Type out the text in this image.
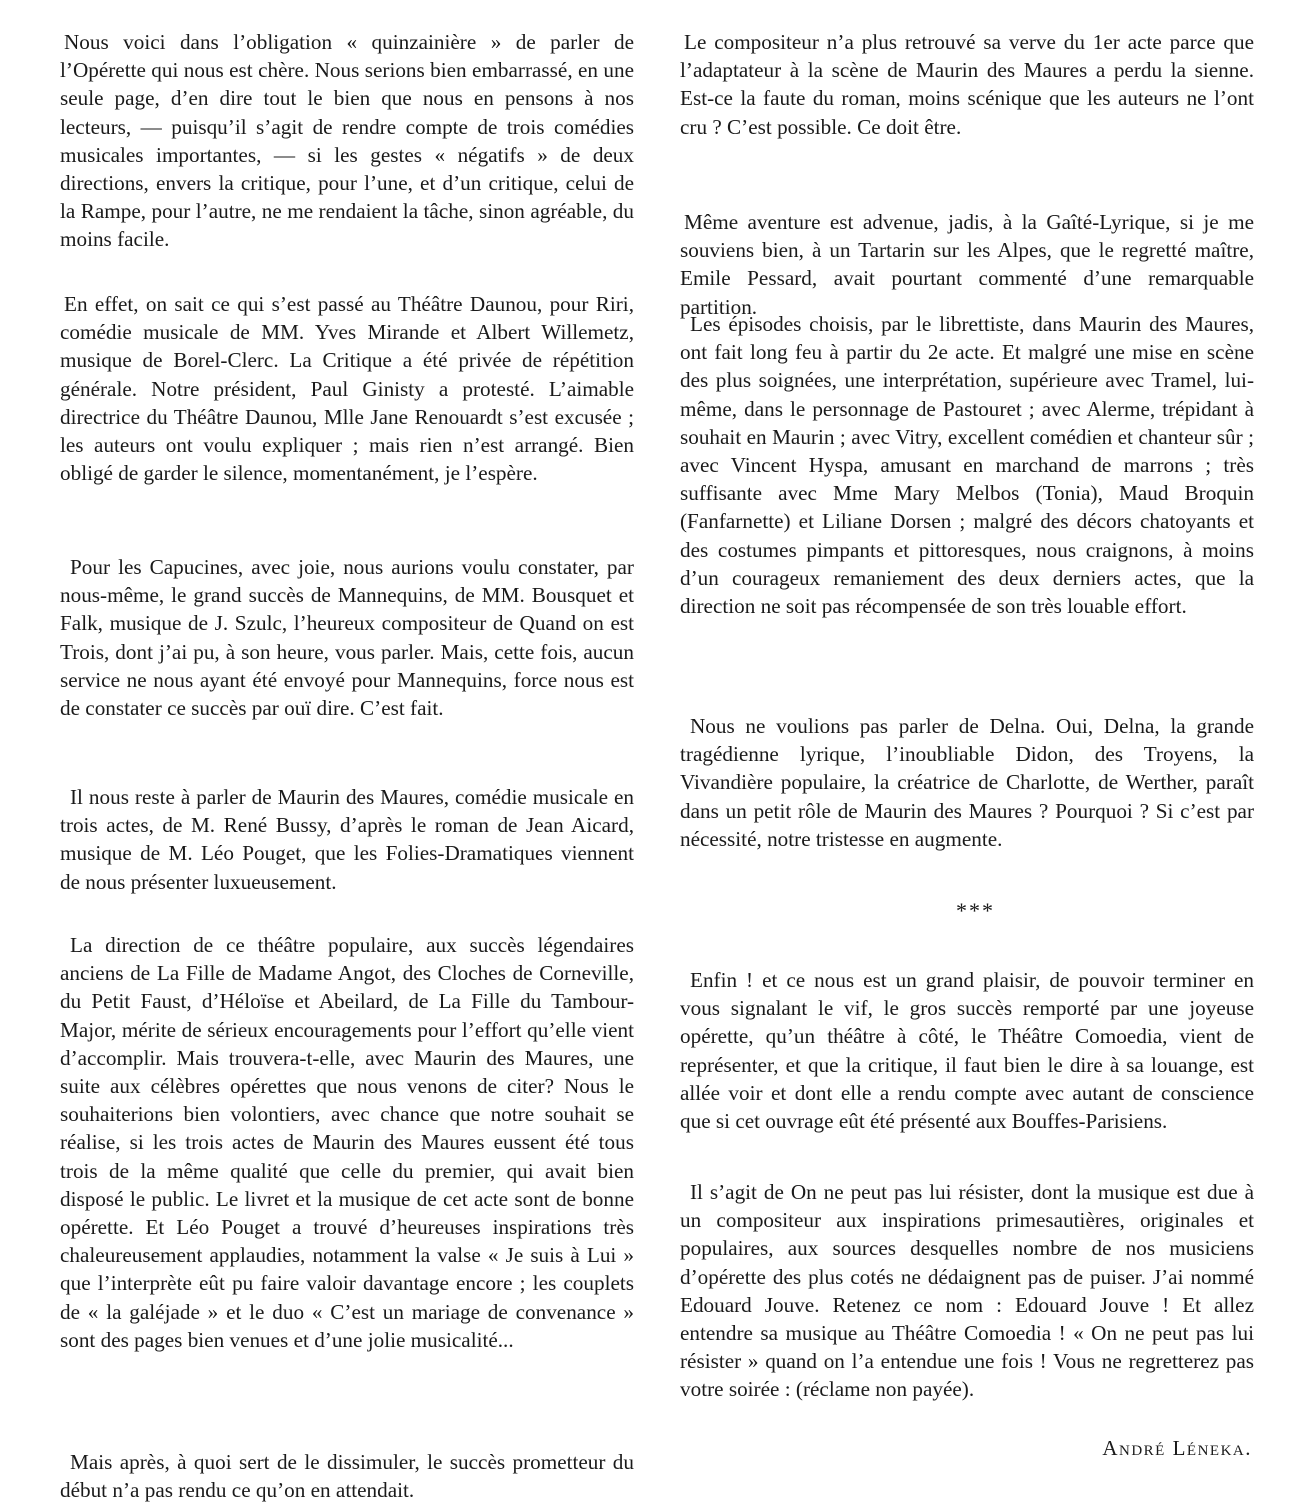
Nous voici dans l’obligation « quinzainière » de parler de l’Opérette qui nous est chère. Nous serions bien embarrassé, en une seule page, d’en dire tout le bien que nous en pensons à nos lecteurs, — puisqu’il s’agit de rendre compte de trois comédies musicales importantes, — si les gestes « négatifs » de deux directions, envers la critique, pour l’une, et d’un critique, celui de la Rampe, pour l’autre, ne me rendaient la tâche, sinon agréable, du moins facile.

En effet, on sait ce qui s’est passé au Théâtre Daunou, pour Riri, comédie musicale de MM. Yves Mirande et Albert Willemetz, musique de Borel-Clerc. La Critique a été privée de répétition générale. Notre président, Paul Ginisty a protesté. L’aimable directrice du Théâtre Daunou, Mlle Jane Renouardt s’est excusée ; les auteurs ont voulu expliquer ; mais rien n’est arrangé. Bien obligé de garder le silence, momentanément, je l’espère.

Pour les Capucines, avec joie, nous aurions voulu constater, par nous-même, le grand succès de Mannequins, de MM. Bousquet et Falk, musique de J. Szulc, l’heureux compositeur de Quand on est Trois, dont j’ai pu, à son heure, vous parler. Mais, cette fois, aucun service ne nous ayant été envoyé pour Mannequins, force nous est de constater ce succès par ouï dire. C’est fait.

Il nous reste à parler de Maurin des Maures, comédie musicale en trois actes, de M. René Bussy, d’après le roman de Jean Aicard, musique de M. Léo Pouget, que les Folies-Dramatiques viennent de nous présenter luxueusement.

La direction de ce théâtre populaire, aux succès légendaires anciens de La Fille de Madame Angot, des Cloches de Corneville, du Petit Faust, d’Héloïse et Abeilard, de La Fille du Tambour-Major, mérite de sérieux encouragements pour l’effort qu’elle vient d’accomplir. Mais trouvera-t-elle, avec Maurin des Maures, une suite aux célèbres opérettes que nous venons de citer? Nous le souhaiterions bien volontiers, avec chance que notre souhait se réalise, si les trois actes de Maurin des Maures eussent été tous trois de la même qualité que celle du premier, qui avait bien disposé le public. Le livret et la musique de cet acte sont de bonne opérette. Et Léo Pouget a trouvé d’heureuses inspirations très chaleureusement applaudies, notamment la valse « Je suis à Lui » que l’interprète eût pu faire valoir davantage encore ; les couplets de « la galéjade » et le duo « C’est un mariage de convenance » sont des pages bien venues et d’une jolie musicalité...

Mais après, à quoi sert de le dissimuler, le succès prometteur du début n’a pas rendu ce qu’on en attendait.

Le compositeur n’a plus retrouvé sa verve du 1er acte parce que l’adaptateur à la scène de Maurin des Maures a perdu la sienne. Est-ce la faute du roman, moins scénique que les auteurs ne l’ont cru ? C’est possible. Ce doit être.

Même aventure est advenue, jadis, à la Gaîté-Lyrique, si je me souviens bien, à un Tartarin sur les Alpes, que le regretté maître, Emile Pessard, avait pourtant commenté d’une remarquable partition.

Les épisodes choisis, par le librettiste, dans Maurin des Maures, ont fait long feu à partir du 2e acte. Et malgré une mise en scène des plus soignées, une interprétation, supérieure avec Tramel, lui-même, dans le personnage de Pastouret ; avec Alerme, trépidant à souhait en Maurin ; avec Vitry, excellent comédien et chanteur sûr ; avec Vincent Hyspa, amusant en marchand de marrons ; très suffisante avec Mme Mary Melbos (Tonia), Maud Broquin (Fanfarnette) et Liliane Dorsen ; malgré des décors chatoyants et des costumes pimpants et pittoresques, nous craignons, à moins d’un courageux remaniement des deux derniers actes, que la direction ne soit pas récompensée de son très louable effort.

Nous ne voulions pas parler de Delna. Oui, Delna, la grande tragédienne lyrique, l’inoubliable Didon, des Troyens, la Vivandière populaire, la créatrice de Charlotte, de Werther, paraît dans un petit rôle de Maurin des Maures ? Pourquoi ? Si c’est par nécessité, notre tristesse en augmente.

Enfin ! et ce nous est un grand plaisir, de pouvoir terminer en vous signalant le vif, le gros succès remporté par une joyeuse opérette, qu’un théâtre à côté, le Théâtre Comoedia, vient de représenter, et que la critique, il faut bien le dire à sa louange, est allée voir et dont elle a rendu compte avec autant de conscience que si cet ouvrage eût été présenté aux Bouffes-Parisiens.

Il s’agit de On ne peut pas lui résister, dont la musique est due à un compositeur aux inspirations primesautières, originales et populaires, aux sources desquelles nombre de nos musiciens d’opérette des plus cotés ne dédaignent pas de puiser. J’ai nommé Edouard Jouve. Retenez ce nom : Edouard Jouve ! Et allez entendre sa musique au Théâtre Comoedia ! « On ne peut pas lui résister » quand on l’a entendue une fois ! Vous ne regretterez pas votre soirée : (réclame non payée).

***
André Léneka.
